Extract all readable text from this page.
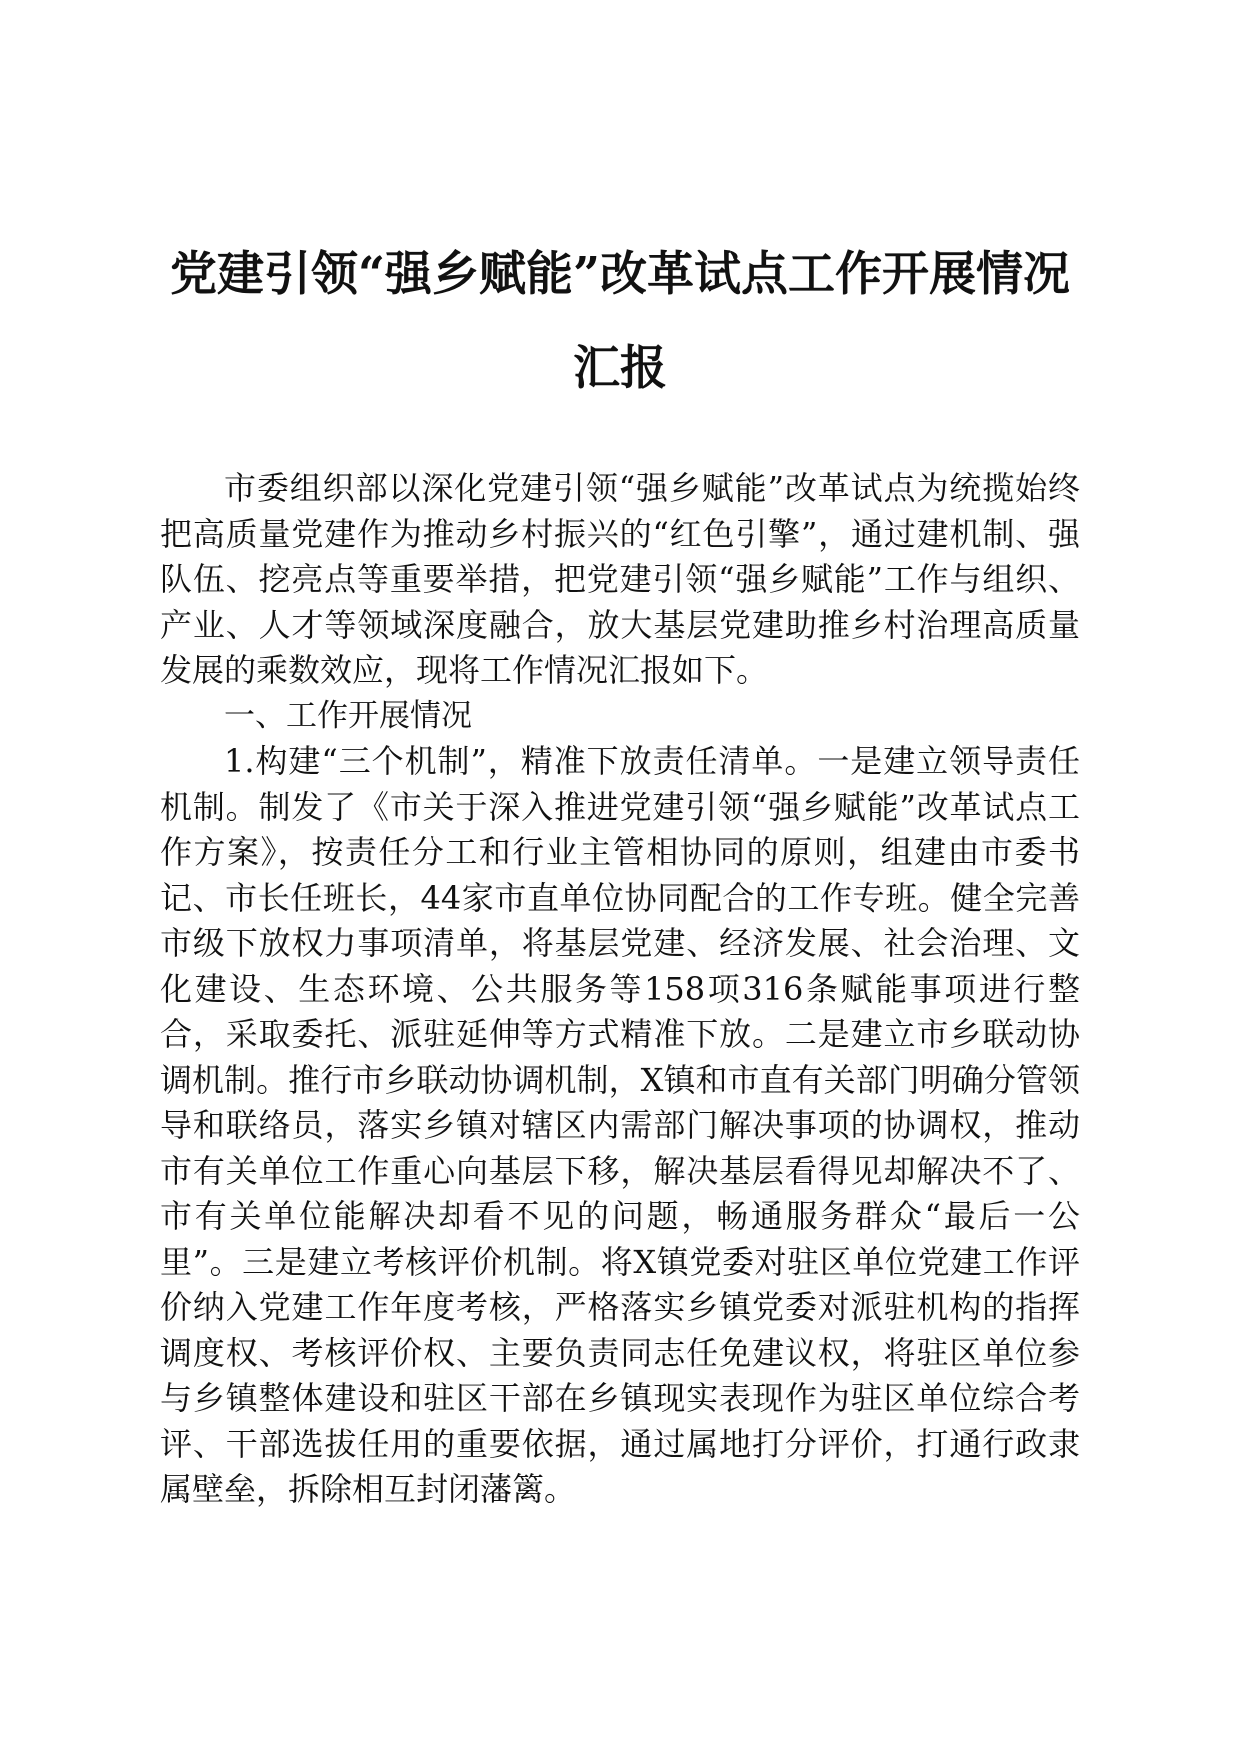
党建引领“强乡赋能”改革试点工作开展情况
汇报

市委组织部以深化党建引领“强乡赋能”改革试点为统揽始终把高质量党建作为推动乡村振兴的“红色引擎”，通过建机制、强队伍、挖亮点等重要举措，把党建引领“强乡赋能”工作与组织、产业、人才等领域深度融合，放大基层党建助推乡村治理高质量发展的乘数效应，现将工作情况汇报如下。

一、工作开展情况

1.构建“三个机制”，精准下放责任清单。一是建立领导责任机制。制发了《市关于深入推进党建引领“强乡赋能”改革试点工作方案》，按责任分工和行业主管相协同的原则，组建由市委书记、市长任班长，44家市直单位协同配合的工作专班。健全完善市级下放权力事项清单，将基层党建、经济发展、社会治理、文化建设、生态环境、公共服务等158项316条赋能事项进行整合，采取委托、派驻延伸等方式精准下放。二是建立市乡联动协调机制。推行市乡联动协调机制，X镇和市直有关部门明确分管领导和联络员，落实乡镇对辖区内需部门解决事项的协调权，推动市有关单位工作重心向基层下移，解决基层看得见却解决不了、市有关单位能解决却看不见的问题，畅通服务群众“最后一公里”。三是建立考核评价机制。将X镇党委对驻区单位党建工作评价纳入党建工作年度考核，严格落实乡镇党委对派驻机构的指挥调度权、考核评价权、主要负责同志任免建议权，将驻区单位参与乡镇整体建设和驻区干部在乡镇现实表现作为驻区单位综合考评、干部选拔任用的重要依据，通过属地打分评价，打通行政隶属壁垒，拆除相互封闭藩篱。
